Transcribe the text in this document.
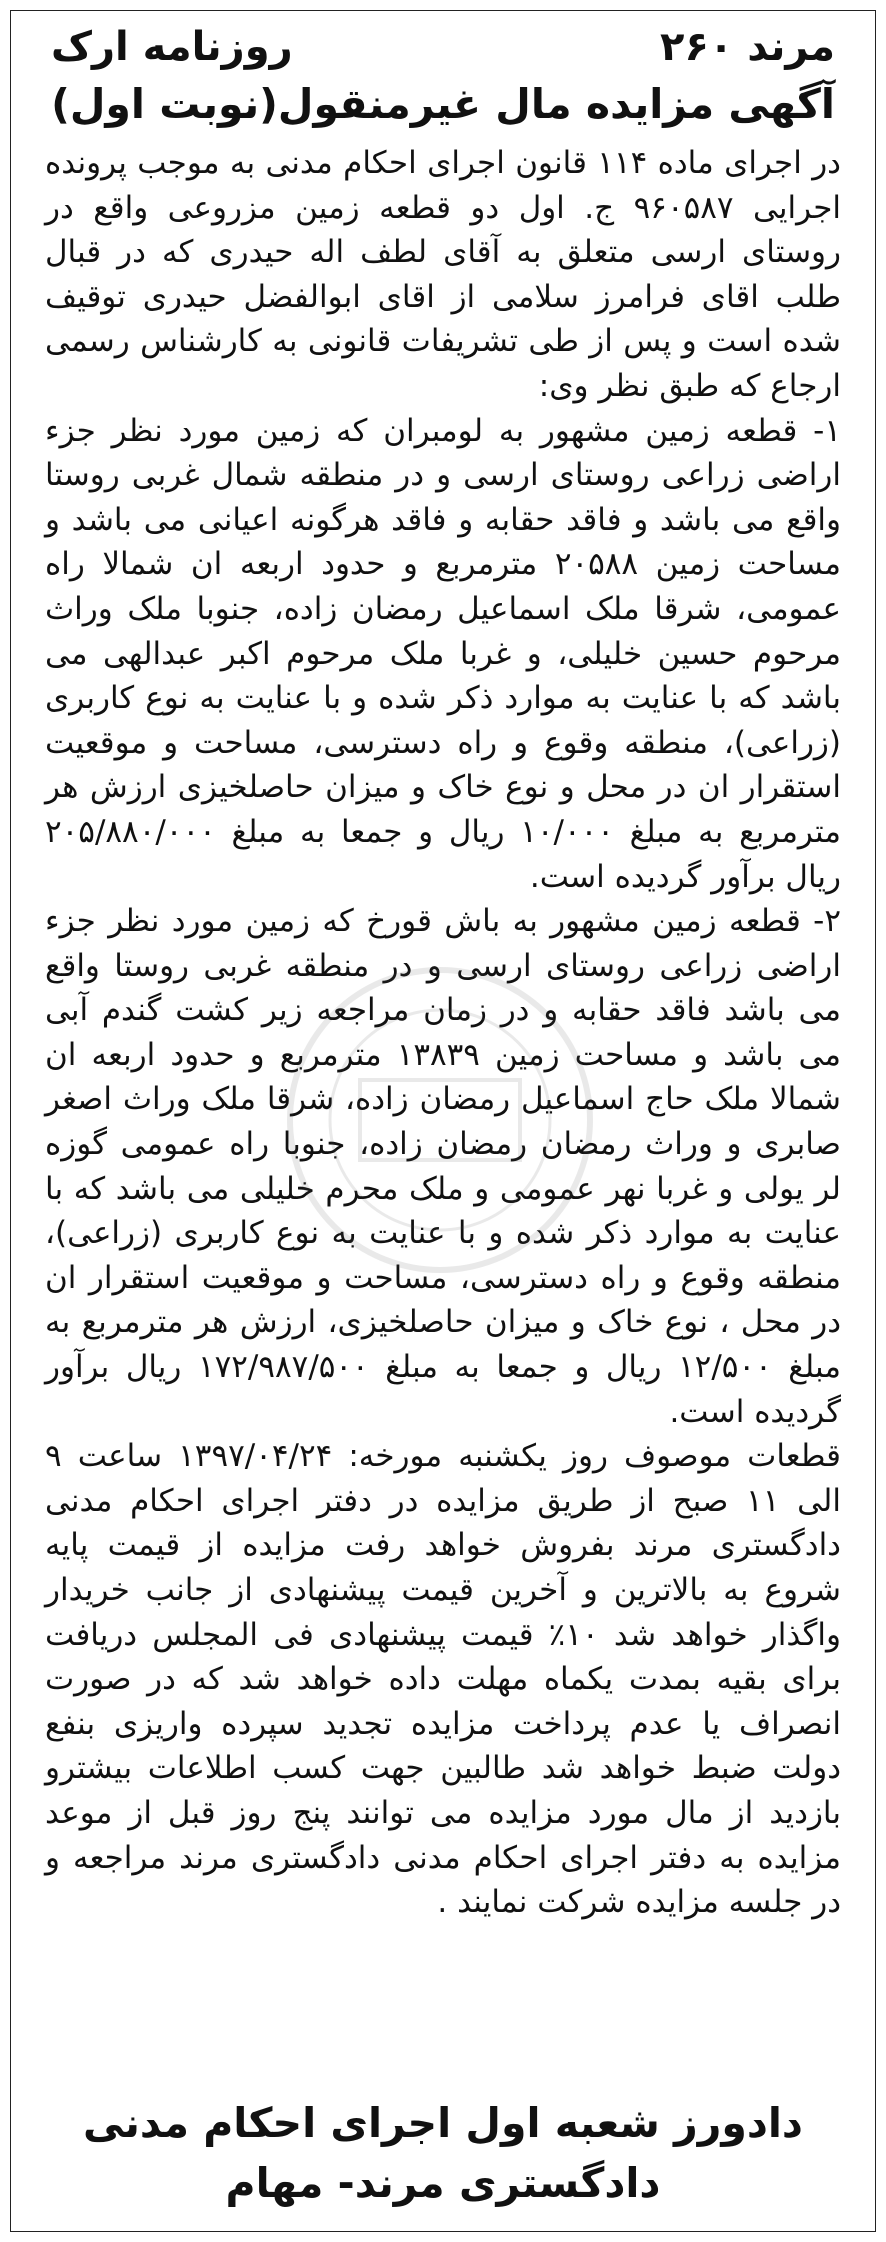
مرند ۲۶۰
روزنامه ارک
آگهی مزایده مال غیرمنقول(نوبت اول)

در اجرای ماده ۱۱۴ قانون اجرای احکام مدنی به موجب پرونده اجرایی ۹۶۰۵۸۷ ج. اول دو قطعه زمین مزروعی واقع در روستای ارسی متعلق به آقای لطف اله حیدری که در قبال طلب اقای فرامرز سلامی از اقای ابوالفضل حیدری توقیف شده است و پس از طی تشریفات قانونی به کارشناس رسمی ارجاع که طبق نظر وی:

۱- قطعه زمین مشهور به لومبران که زمین مورد نظر جزء اراضی زراعی روستای ارسی و در منطقه شمال غربی روستا واقع می باشد و فاقد حقابه و فاقد هرگونه اعیانی می باشد و مساحت زمین ۲۰۵۸۸ مترمربع و حدود اربعه ان شمالا راه عمومی، شرقا ملک اسماعیل رمضان زاده، جنوبا ملک وراث مرحوم حسین خلیلی، و غربا ملک مرحوم اکبر عبدالهی می باشد که با عنایت به موارد ذکر شده و با عنایت به نوع کاربری (زراعی)، منطقه وقوع و راه دسترسی، مساحت و موقعیت استقرار ان در محل و نوع خاک و میزان حاصلخیزی ارزش هر مترمربع به مبلغ ۱۰/۰۰۰ ریال و جمعا به مبلغ ۲۰۵/۸۸۰/۰۰۰ ریال برآور گردیده است.

۲- قطعه زمین مشهور به باش قورخ که زمین مورد نظر جزء اراضی زراعی روستای ارسی و در منطقه غربی روستا واقع می باشد فاقد حقابه و در زمان مراجعه زیر کشت گندم آبی می باشد و مساحت زمین ۱۳۸۳۹ مترمربع و حدود اربعه ان شمالا ملک حاج اسماعیل رمضان زاده، شرقا ملک وراث اصغر صابری و وراث رمضان رمضان زاده، جنوبا راه عمومی گوزه لر یولی و غربا نهر عمومی و ملک محرم خلیلی می باشد که با عنایت به موارد ذکر شده و با عنایت به نوع کاربری (زراعی)، منطقه وقوع و راه دسترسی، مساحت و موقعیت استقرار ان در محل ، نوع خاک و میزان حاصلخیزی، ارزش هر مترمربع به مبلغ ۱۲/۵۰۰ ریال و جمعا به مبلغ ۱۷۲/۹۸۷/۵۰۰ ریال برآور گردیده است.

قطعات موصوف روز یکشنبه مورخه: ۱۳۹۷/۰۴/۲۴ ساعت ۹ الی ۱۱ صبح از طریق مزایده در دفتر اجرای احکام مدنی دادگستری مرند بفروش خواهد رفت مزایده از قیمت پایه شروع به بالاترین و آخرین قیمت پیشنهادی از جانب خریدار واگذار خواهد شد ۱۰٪ قیمت پیشنهادی فی المجلس دریافت برای بقیه بمدت یکماه مهلت داده خواهد شد که در صورت انصراف یا عدم پرداخت مزایده تجدید سپرده واریزی بنفع دولت ضبط خواهد شد طالبین جهت کسب اطلاعات بیشترو بازدید از مال مورد مزایده می توانند پنج روز قبل از موعد مزایده به دفتر اجرای احکام مدنی دادگستری مرند مراجعه و در جلسه مزایده شرکت نمایند .

دادورز شعبه اول اجرای احکام مدنی
دادگستری مرند- مهام
